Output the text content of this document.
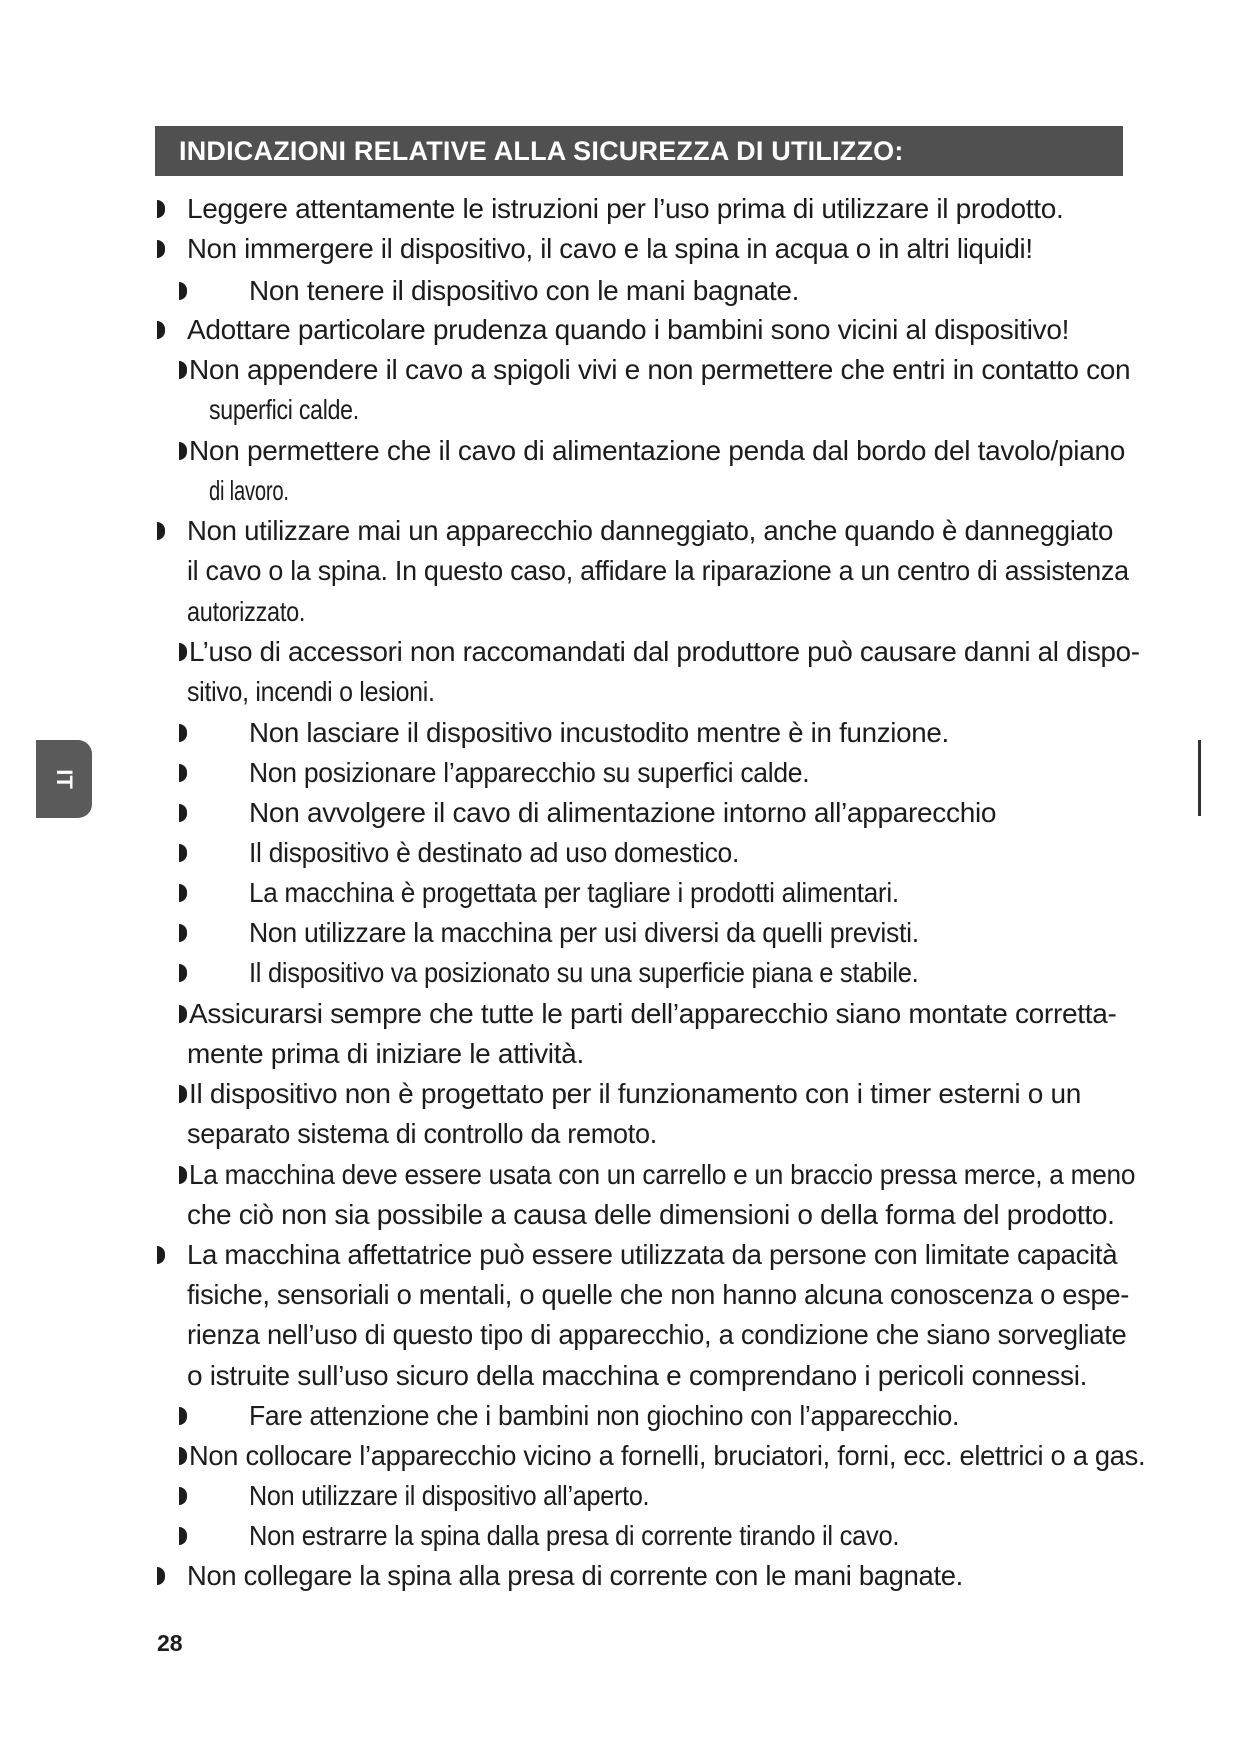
INDICAZIONI RELATIVE ALLA SICUREZZA DI UTILIZZO:
IT
Leggere attentamente le istruzioni per l’uso prima di utilizzare il prodotto.
Non immergere il dispositivo, il cavo e la spina in acqua o in altri liquidi!
Non tenere il dispositivo con le mani bagnate.
Adottare particolare prudenza quando i bambini sono vicini al dispositivo!
Non appendere il cavo a spigoli vivi e non permettere che entri in contatto con
superfici calde.
Non permettere che il cavo di alimentazione penda dal bordo del tavolo/piano
di lavoro.
Non utilizzare mai un apparecchio danneggiato, anche quando è danneggiato
il cavo o la spina. In questo caso, affidare la riparazione a un centro di assistenza
autorizzato.
L’uso di accessori non raccomandati dal produttore può causare danni al dispo-
sitivo, incendi o lesioni.
Non lasciare il dispositivo incustodito mentre è in funzione.
Non posizionare l’apparecchio su superfici calde.
Non avvolgere il cavo di alimentazione intorno all’apparecchio
Il dispositivo è destinato ad uso domestico.
La macchina è progettata per tagliare i prodotti alimentari.
Non utilizzare la macchina per usi diversi da quelli previsti.
Il dispositivo va posizionato su una superficie piana e stabile.
Assicurarsi sempre che tutte le parti dell’apparecchio siano montate corretta-
mente prima di iniziare le attività.
Il dispositivo non è progettato per il funzionamento con i timer esterni o un
separato sistema di controllo da remoto.
La macchina deve essere usata con un carrello e un braccio pressa merce, a meno
che ciò non sia possibile a causa delle dimensioni o della forma del prodotto.
La macchina affettatrice può essere utilizzata da persone con limitate capacità
fisiche, sensoriali o mentali, o quelle che non hanno alcuna conoscenza o espe-
rienza nell’uso di questo tipo di apparecchio, a condizione che siano sorvegliate
o istruite sull’uso sicuro della macchina e comprendano i pericoli connessi.
Fare attenzione che i bambini non giochino con l’apparecchio.
Non collocare l’apparecchio vicino a fornelli, bruciatori, forni, ecc. elettrici o a gas.
Non utilizzare il dispositivo all’aperto.
Non estrarre la spina dalla presa di corrente tirando il cavo.
Non collegare la spina alla presa di corrente con le mani bagnate.
28
